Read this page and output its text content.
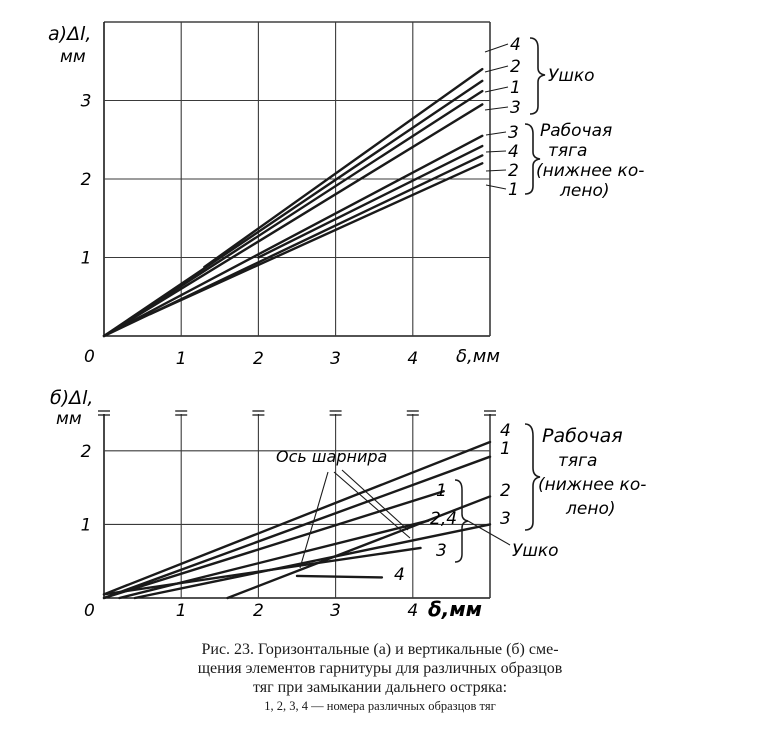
а)Δl,
мм
0	δ,мм
1	2	3	4
1
2
3
4
2
1
3
3
4
2
1
Ушко
Рабочая
тяга
(нижнее ко-
лено)
б)Δl,
мм
0	δ,мм
1	2	3	4
1
2
4
1
2
3
1
2,4
3
4
Ось шарнира
Рабочая
тяга
(нижнее ко-
лено)
Ушко
Рис. 23. Горизонтальные (а) и вертикальные (б) сме-
щения элементов гарнитуры для различных образцов
тяг при замыкании дальнего остряка:
1, 2, 3, 4 — номера различных образцов тяг
